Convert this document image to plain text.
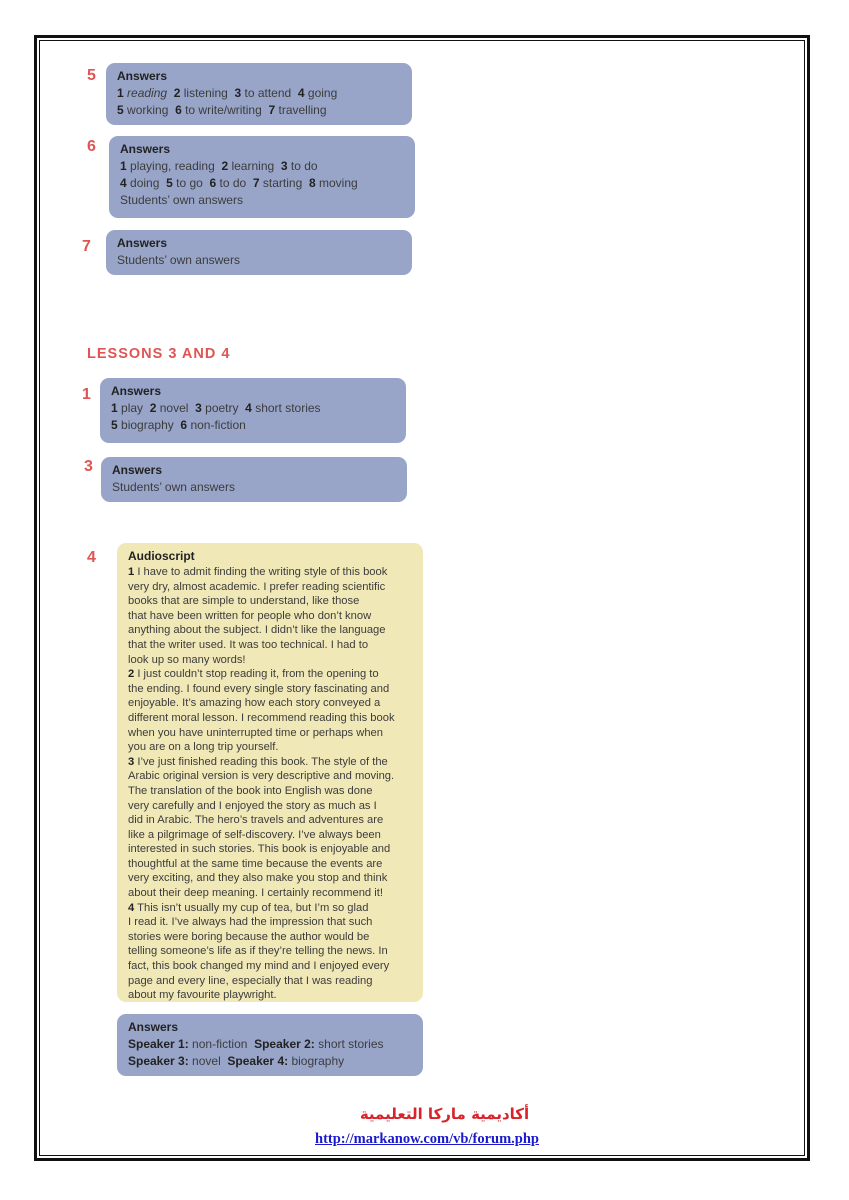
5 Answers
1 reading 2 listening 3 to attend 4 going
5 working 6 to write/writing 7 travelling
6 Answers
1 playing, reading 2 learning 3 to do
4 doing 5 to go 6 to do 7 starting 8 moving
Students’ own answers
7 Answers
Students’ own answers
LESSONS 3 AND 4
1 Answers
1 play 2 novel 3 poetry 4 short stories
5 biography 6 non-fiction
3 Answers
Students’ own answers
4	Audioscript
1 I have to admit finding the writing style of this book
very dry, almost academic. I prefer reading scientific
books that are simple to understand, like those
that have been written for people who don’t know
anything about the subject. I didn’t like the language
that the writer used. It was too technical. I had to
look up so many words!
2 I just couldn’t stop reading it, from the opening to
the ending. I found every single story fascinating and
enjoyable. It’s amazing how each story conveyed a
different moral lesson. I recommend reading this book
when you have uninterrupted time or perhaps when
you are on a long trip yourself.
3 I’ve just finished reading this book. The style of the
Arabic original version is very descriptive and moving.
The translation of the book into English was done
very carefully and I enjoyed the story as much as I
did in Arabic. The hero’s travels and adventures are
like a pilgrimage of self-discovery. I’ve always been
interested in such stories. This book is enjoyable and
thoughtful at the same time because the events are
very exciting, and they also make you stop and think
about their deep meaning. I certainly recommend it!
4 This isn’t usually my cup of tea, but I’m so glad
I read it. I’ve always had the impression that such
stories were boring because the author would be
telling someone’s life as if they’re telling the news. In
fact, this book changed my mind and I enjoyed every
page and every line, especially that I was reading
about my favourite playwright.
Answers
Speaker 1: non-fiction Speaker 2: short stories
Speaker 3: novel Speaker 4: biography
أكاديمية ماركا التعليمية
http://markanow.com/vb/forum.php
